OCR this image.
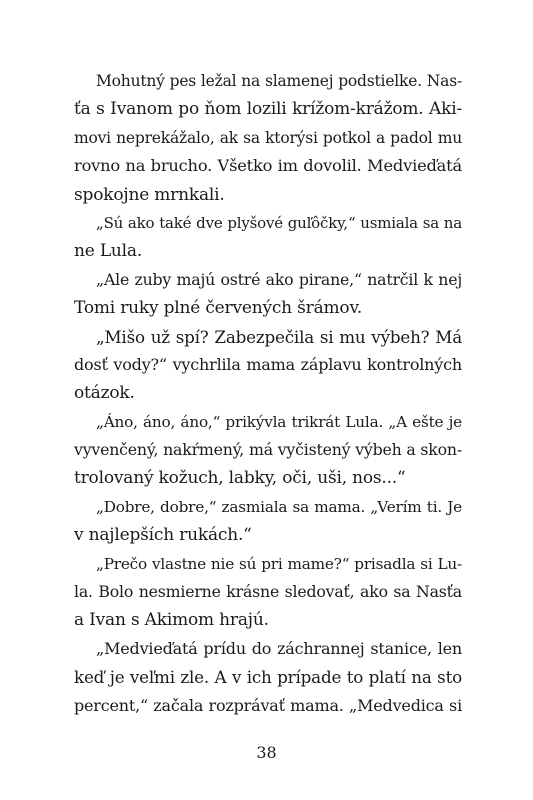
Mohutný pes ležal na slamenej podstielke. Nas-
ťa s Ivanom po ňom lozili krížom-krážom. Aki-
movi neprekážalo, ak sa ktorýsi potkol a padol mu
rovno na brucho. Všetko im dovolil. Medvieďatá
spokojne mrnkali.
„Sú ako také dve plyšové guľôčky,“ usmiala sa na
ne Lula.
„Ale zuby majú ostré ako pirane,“ natrčil k nej
Tomi ruky plné červených šrámov.
„Mišo už spí? Zabezpečila si mu výbeh? Má
dosť vody?“ vychrlila mama záplavu kontrolných
otázok.
„Áno, áno, áno,“ prikývla trikrát Lula. „A ešte je
vyvenčený, nakŕmený, má vyčistený výbeh a skon-
trolovaný kožuch, labky, oči, uši, nos...“
„Dobre, dobre,“ zasmiala sa mama. „Verím ti. Je
v najlepších rukách.“
„Prečo vlastne nie sú pri mame?“ prisadla si Lu-
la. Bolo nesmierne krásne sledovať, ako sa Nasťa
a Ivan s Akimom hrajú.
„Medvieďatá prídu do záchrannej stanice, len
keď je veľmi zle. A v ich prípade to platí na sto
percent,“ začala rozprávať mama. „Medvedica si
38
